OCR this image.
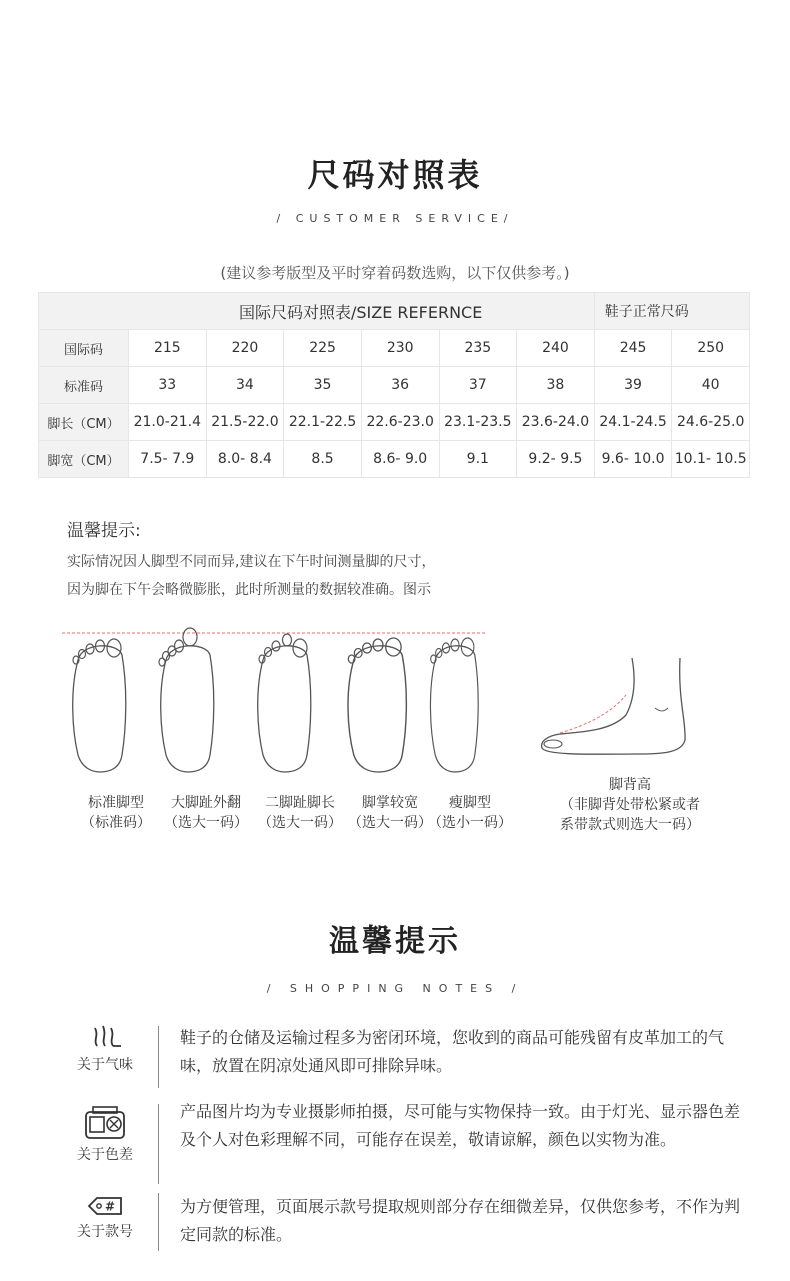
尺码对照表
/ CUSTOMER SERVICE/
(建议参考版型及平时穿着码数选购，以下仅供参考。)
国际尺码对照表/SIZE REFERNCE							鞋子正常尺码	
国际码	215	220	225	230	235	240	245	250
标准码	33	34	35	36	37	38	39	40
脚长（CM）	21.0-21.4	21.5-22.0	22.1-22.5	22.6-23.0	23.1-23.5	23.6-24.0	24.1-24.5	24.6-25.0
脚宽（CM）	7.5- 7.9	8.0- 8.4	8.5	8.6- 9.0	9.1	9.2- 9.5	9.6- 10.0	10.1- 10.5
温馨提示:
实际情况因人脚型不同而异,建议在下午时间测量脚的尺寸，
因为脚在下午会略微膨胀，此时所测量的数据较准确。图示
标准脚型
（标准码）
大脚趾外翻
（选大一码）
二脚趾脚长
（选大一码）
脚掌较宽
（选大一码）
瘦脚型
（选小一码）
脚背高
（非脚背处带松紧或者
系带款式则选大一码）
温馨提示
/ SHOPPING NOTES /
关于气味
鞋子的仓储及运输过程多为密闭环境，您收到的商品可能残留有皮革加工的气味，放置在阴凉处通风即可排除异味。
关于色差
产品图片均为专业摄影师拍摄，尽可能与实物保持一致。由于灯光、显示器色差及个人对色彩理解不同，可能存在误差，敬请谅解，颜色以实物为准。
#
关于款号
为方便管理，页面展示款号提取规则部分存在细微差异，仅供您参考，不作为判定同款的标准。
